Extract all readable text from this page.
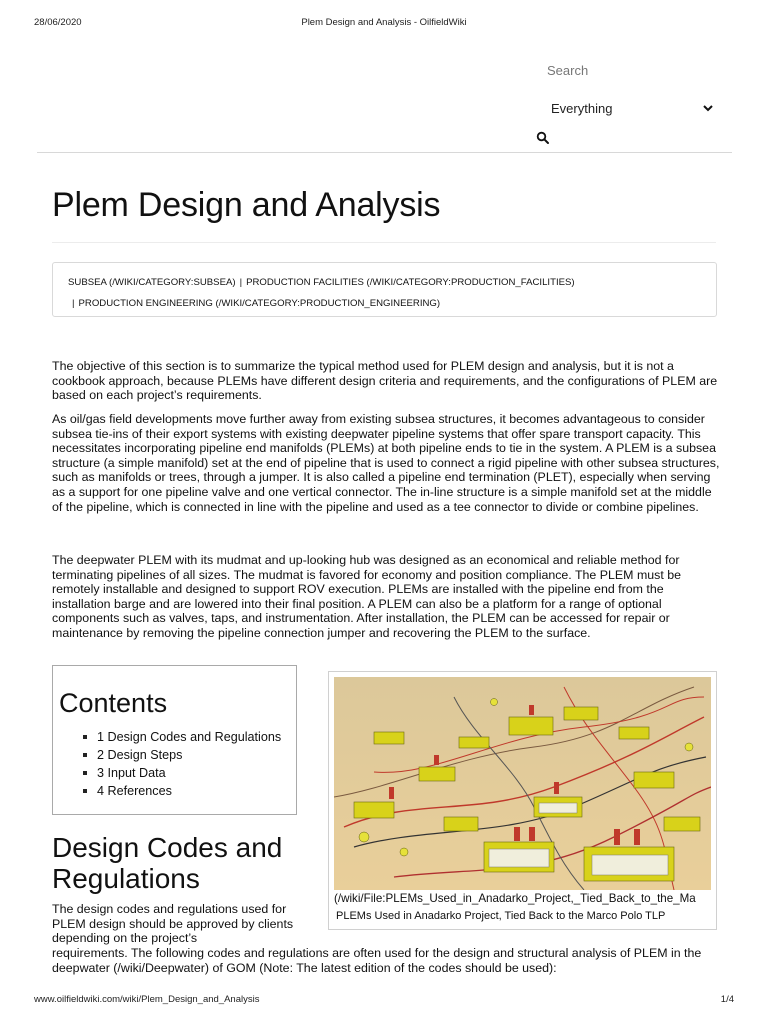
28/06/2020	Plem Design and Analysis - OilfieldWiki
Search
Everything
Plem Design and Analysis
SUBSEA (/WIKI/CATEGORY:SUBSEA) | PRODUCTION FACILITIES (/WIKI/CATEGORY:PRODUCTION_FACILITIES)
| PRODUCTION ENGINEERING (/WIKI/CATEGORY:PRODUCTION_ENGINEERING)

The objective of this section is to summarize the typical method used for PLEM design and analysis, but it is not a cookbook approach, because PLEMs have different design criteria and requirements, and the configurations of PLEM are based on each project’s requirements.

As oil/gas field developments move further away from existing subsea structures, it becomes advantageous to consider subsea tie-ins of their export systems with existing deepwater pipeline systems that offer spare transport capacity. This necessitates incorporating pipeline end manifolds (PLEMs) at both pipeline ends to tie in the system. A PLEM is a subsea structure (a simple manifold) set at the end of pipeline that is used to connect a rigid pipeline with other subsea structures, such as manifolds or trees, through a jumper. It is also called a pipeline end termination (PLET), especially when serving as a support for one pipeline valve and one vertical connector. The in-line structure is a simple manifold set at the middle of the pipeline, which is connected in line with the pipeline and used as a tee connector to divide or combine pipelines.

The deepwater PLEM with its mudmat and up-looking hub was designed as an economical and reliable method for terminating pipelines of all sizes. The mudmat is favored for economy and position compliance. The PLEM must be remotely installable and designed to support ROV execution. PLEMs are installed with the pipeline end from the installation barge and are lowered into their final position. A PLEM can also be a platform for a range of optional components such as valves, taps, and instrumentation. After installation, the PLEM can be accessed for repair or maintenance by removing the pipeline connection jumper and recovering the PLEM to the surface.

Contents
1 Design Codes and Regulations
2 Design Steps
3 Input Data
4 References
(/wiki/File:PLEMs_Used_in_Anadarko_Project,_Tied_Back_to_the_Ma
PLEMs Used in Anadarko Project, Tied Back to the Marco Polo TLP
Design Codes and Regulations

The design codes and regulations used for PLEM design should be approved by clients depending on the project’s

requirements. The following codes and regulations are often used for the design and structural analysis of PLEM in the deepwater (/wiki/Deepwater) of GOM (Note: The latest edition of the codes should be used):

www.oilfieldwiki.com/wiki/Plem_Design_and_Analysis	1/4
